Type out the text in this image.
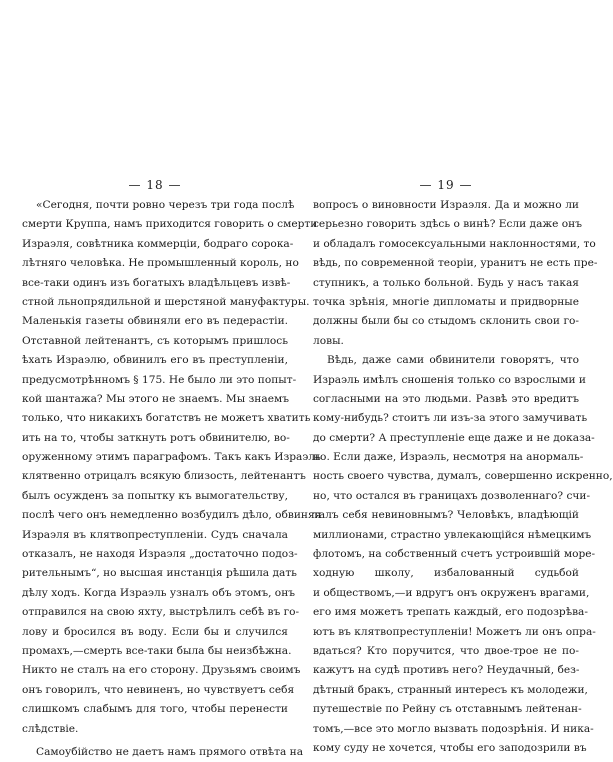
— 18 —
«Сегодня, почти ровно черезъ три года послѣ
смерти Круппа, намъ приходится говорить о смерти
Израэля, совѣтника коммерціи, бодраго сорока-
лѣтняго человѣка. Не промышленный король, но
все-таки одинъ изъ богатыхъ владѣльцевъ извѣ-
стной льнопрядильной и шерстяной мануфактуры.
Маленькія газеты обвиняли его въ педерастіи.
Отставной лейтенантъ, съ которымъ пришлось
ѣхать Израэлю, обвинилъ его въ преступленіи,
предусмотрѣнномъ § 175. Не было ли это попыт-
кой шантажа? Мы этого не знаемъ. Мы знаемъ
только, что никакихъ богатствъ не можетъ хватить
ить на то, чтобы заткнуть ротъ обвинителю, во-
оруженному этимъ параграфомъ. Такъ какъ Израэль
клятвенно отрицалъ всякую близость, лейтенантъ
былъ осужденъ за попытку къ вымогательству,
послѣ чего онъ немедленно возбудилъ дѣло, обвиняя
Израэля въ клятвопреступленіи. Судъ сначала
отказалъ, не находя Израэля „достаточно подоз-
рительнымъ“, но высшая инстанція рѣшила дать
дѣлу ходъ. Когда Израэль узналъ объ этомъ, онъ
отправился на свою яхту, выстрѣлилъ себѣ въ го-
лову и бросился въ воду. Если бы и случился
промахъ,—смерть все-таки была бы неизбѣжна.
Никто не сталъ на его сторону. Друзьямъ своимъ
онъ говорилъ, что невиненъ, но чувствуетъ себя
слишкомъ слабымъ для того, чтобы перенести
слѣдствіе.
Самоубійство не даетъ намъ прямого отвѣта на
— 19 —
вопросъ о виновности Израэля. Да и можно ли
серьезно говорить здѣсь о винѣ? Если даже онъ
и обладалъ гомосексуальными наклонностями, то
вѣдь, по современной теоріи, уранитъ не есть пре-
ступникъ, а только больной. Будь у насъ такая
точка зрѣнія, многіе дипломаты и придворные
должны были бы со стыдомъ склонить свои го-
ловы.
Вѣдь, даже сами обвинители говорятъ, что
Израэль имѣлъ сношенія только со взрослыми и
согласными на это людьми. Развѣ это вредитъ
кому-нибудь? стоитъ ли изъ-за этого замучивать
до смерти? А преступленіе еще даже и не доказа-
но. Если даже, Израэль, несмотря на анормаль-
ность своего чувства, думалъ, совершенно искренно,
но, что остался въ границахъ дозволеннаго? счи-
талъ себя невиновнымъ? Человѣкъ, владѣющій
миллионами, страстно увлекающійся нѣмецкимъ
флотомъ, на собственный счетъ устроившій море-
ходную школу, избалованный судьбой
и обществомъ,—и вдругъ онъ окруженъ врагами,
его имя можетъ трепать каждый, его подозрѣва-
ютъ въ клятвопреступленіи! Можетъ ли онъ опра-
вдаться? Кто поручится, что двое-трое не по-
кажутъ на судѣ противъ него? Неудачный, без-
дѣтный бракъ, странный интересъ къ молодежи,
путешествіе по Рейну съ отставнымъ лейтенан-
томъ,—все это могло вызвать подозрѣнія. И ника-
кому суду не хочется, чтобы его заподозрили въ
